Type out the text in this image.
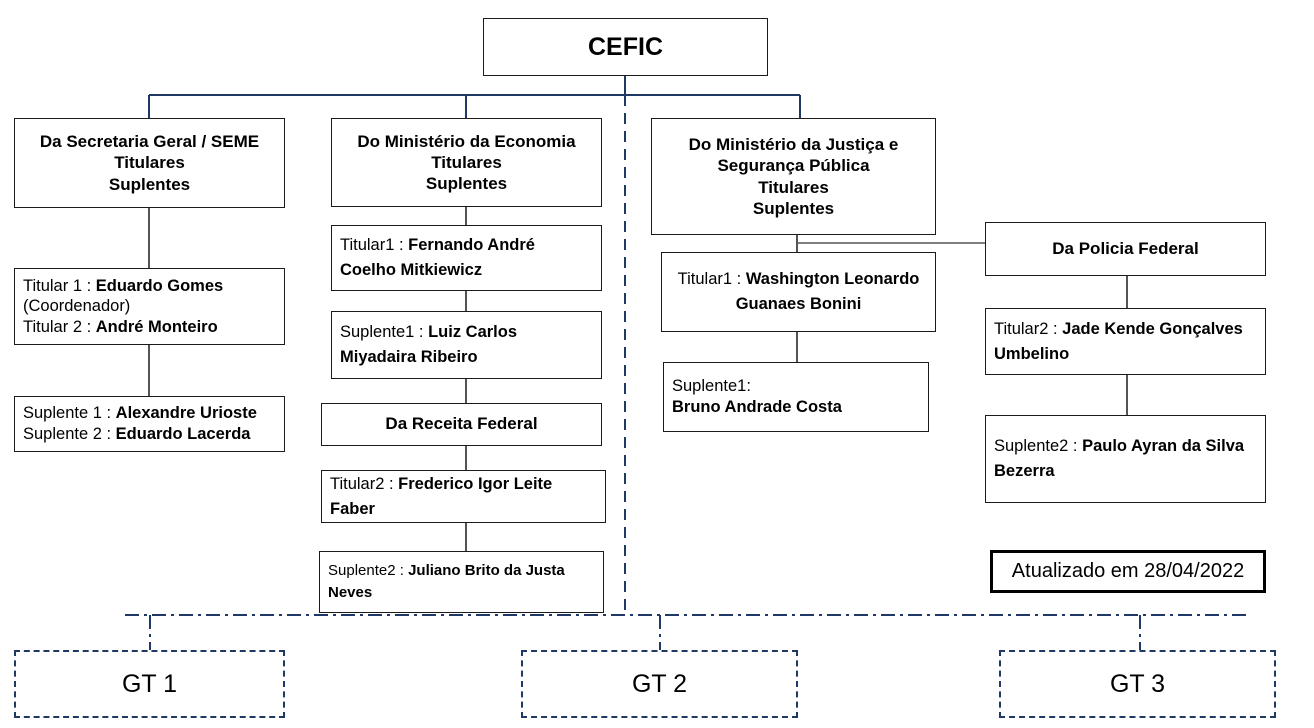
CEFIC
Da Secretaria Geral / SEME
Titulares
Suplentes
Titular 1 : Eduardo Gomes
(Coordenador)
Titular 2 : André Monteiro
Suplente 1 : Alexandre Urioste
Suplente 2 : Eduardo Lacerda
Do Ministério da Economia
Titulares
Suplentes
Titular1 : Fernando André Coelho Mitkiewicz
Suplente1 : Luiz Carlos Miyadaira Ribeiro
Da Receita Federal
Titular2 : Frederico Igor Leite Faber
Suplente2 : Juliano Brito da Justa Neves
Do Ministério da Justiça e
Segurança Pública
Titulares
Suplentes
Titular1 : Washington Leonardo Guanaes Bonini
Suplente1:
Bruno Andrade Costa
Da Policia Federal
Titular2 : Jade Kende Gonçalves Umbelino
Suplente2 : Paulo Ayran da Silva Bezerra
Atualizado em 28/04/2022
GT 1	GT 2	GT 3
